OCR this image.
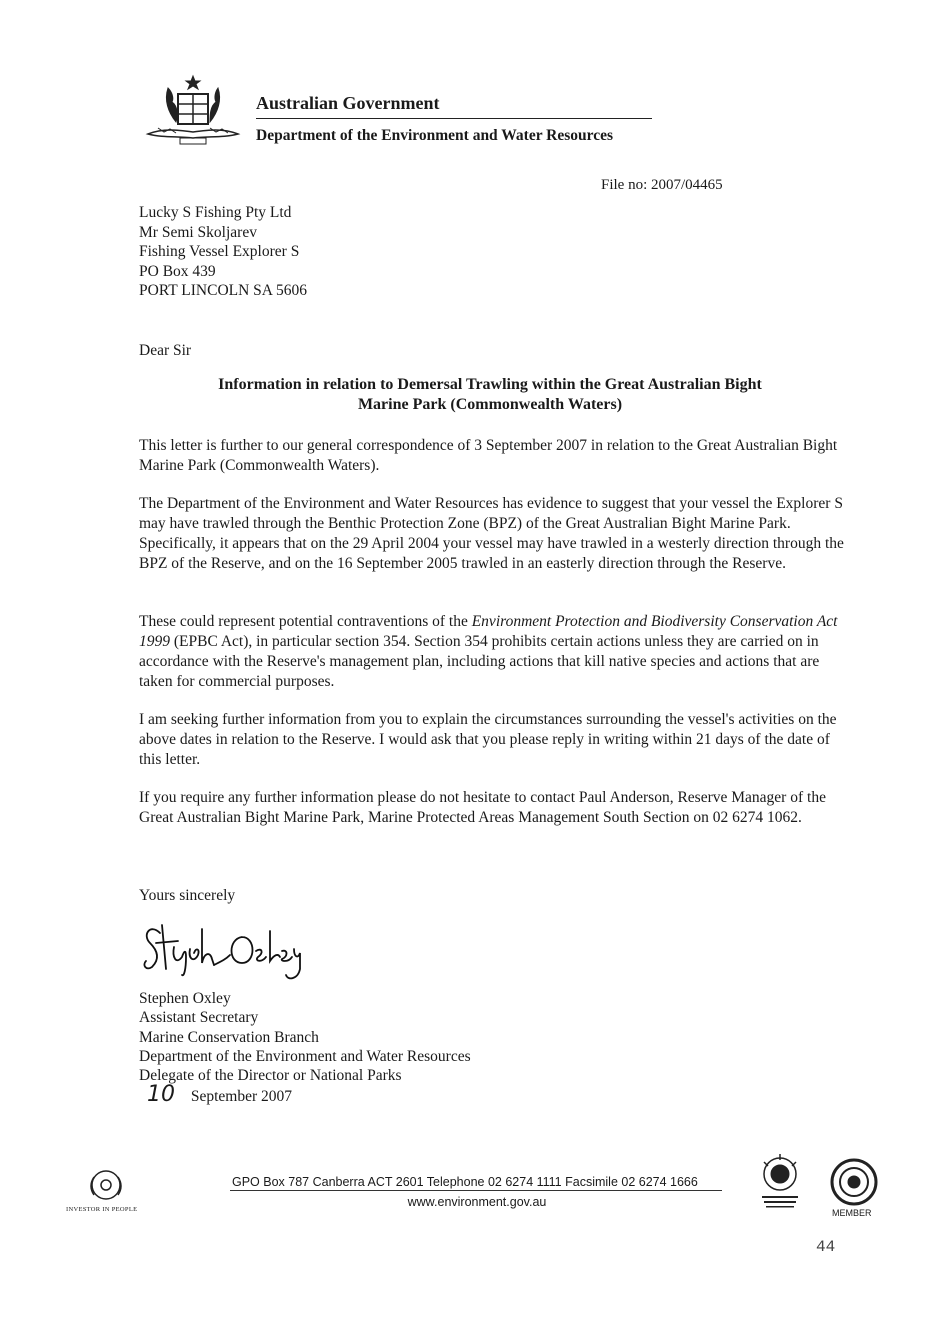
Australian Government
Department of the Environment and Water Resources
File no: 2007/04465
Lucky S Fishing Pty Ltd
Mr Semi Skoljarev
Fishing Vessel Explorer S
PO Box 439
PORT LINCOLN SA 5606
Dear Sir
Information in relation to Demersal Trawling within the Great Australian Bight Marine Park (Commonwealth Waters)

This letter is further to our general correspondence of 3 September 2007 in relation to the Great Australian Bight Marine Park (Commonwealth Waters).

The Department of the Environment and Water Resources has evidence to suggest that your vessel the Explorer S may have trawled through the Benthic Protection Zone (BPZ) of the Great Australian Bight Marine Park. Specifically, it appears that on the 29 April 2004 your vessel may have trawled in a westerly direction through the BPZ of the Reserve, and on the 16 September 2005 trawled in an easterly direction through the Reserve.

These could represent potential contraventions of the Environment Protection and Biodiversity Conservation Act 1999 (EPBC Act), in particular section 354. Section 354 prohibits certain actions unless they are carried on in accordance with the Reserve's management plan, including actions that kill native species and actions that are taken for commercial purposes.

I am seeking further information from you to explain the circumstances surrounding the vessel's activities on the above dates in relation to the Reserve. I would ask that you please reply in writing within 21 days of the date of this letter.

If you require any further information please do not hesitate to contact Paul Anderson, Reserve Manager of the Great Australian Bight Marine Park, Marine Protected Areas Management South Section on 02 6274 1062.

Yours sincerely
Stephen Oxley
Assistant Secretary
Marine Conservation Branch
Department of the Environment and Water Resources
Delegate of the Director or National Parks
10 September 2007
INVESTOR IN PEOPLE
GPO Box 787 Canberra ACT 2601 Telephone 02 6274 1111 Facsimile 02 6274 1666
www.environment.gov.au
MEMBER
44
